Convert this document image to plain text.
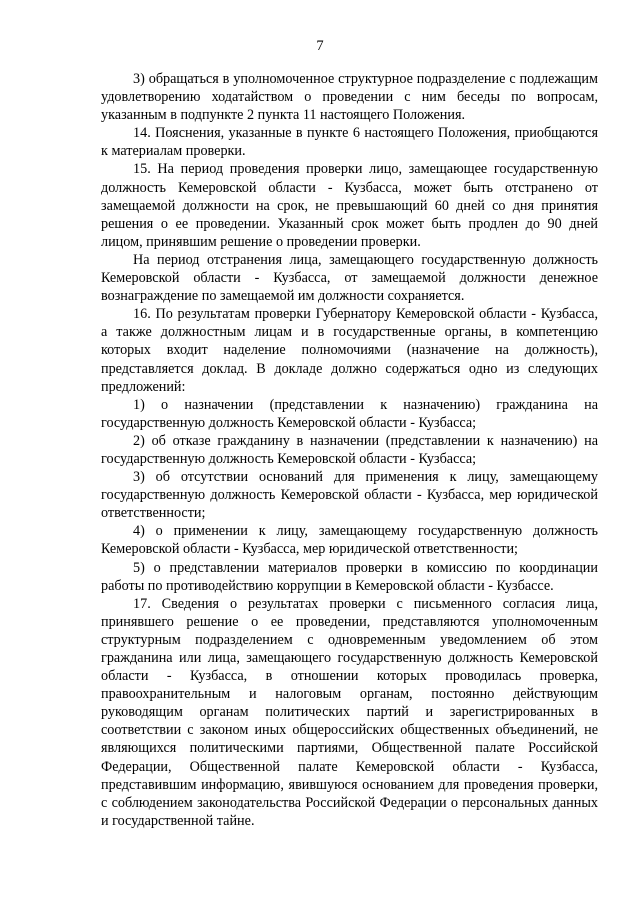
7

3) обращаться в уполномоченное структурное подразделение с подлежащим удовлетворению ходатайством о проведении с ним беседы по вопросам, указанным в подпункте 2 пункта 11 настоящего Положения.

14. Пояснения, указанные в пункте 6 настоящего Положения, приобщаются к материалам проверки.

15. На период проведения проверки лицо, замещающее государственную должность Кемеровской области - Кузбасса, может быть отстранено от замещаемой должности на срок, не превышающий 60 дней со дня принятия решения о ее проведении. Указанный срок может быть продлен до 90 дней лицом, принявшим решение о проведении проверки.

На период отстранения лица, замещающего государственную должность Кемеровской области - Кузбасса, от замещаемой должности денежное вознаграждение по замещаемой им должности сохраняется.

16. По результатам проверки Губернатору Кемеровской области - Кузбасса, а также должностным лицам и в государственные органы, в компетенцию которых входит наделение полномочиями (назначение на должность), представляется доклад. В докладе должно содержаться одно из следующих предложений:

1) о назначении (представлении к назначению) гражданина на государственную должность Кемеровской области - Кузбасса;

2) об отказе гражданину в назначении (представлении к назначению) на государственную должность Кемеровской области - Кузбасса;

3) об отсутствии оснований для применения к лицу, замещающему государственную должность Кемеровской области - Кузбасса, мер юридической ответственности;

4) о применении к лицу, замещающему государственную должность Кемеровской области - Кузбасса, мер юридической ответственности;

5) о представлении материалов проверки в комиссию по координации работы по противодействию коррупции в Кемеровской области - Кузбассе.

17. Сведения о результатах проверки с письменного согласия лица, принявшего решение о ее проведении, представляются уполномоченным структурным подразделением с одновременным уведомлением об этом гражданина или лица, замещающего государственную должность Кемеровской области - Кузбасса, в отношении которых проводилась проверка, правоохранительным и налоговым органам, постоянно действующим руководящим органам политических партий и зарегистрированных в соответствии с законом иных общероссийских общественных объединений, не являющихся политическими партиями, Общественной палате Российской Федерации, Общественной палате Кемеровской области - Кузбасса, представившим информацию, явившуюся основанием для проведения проверки, с соблюдением законодательства Российской Федерации о персональных данных и государственной тайне.
